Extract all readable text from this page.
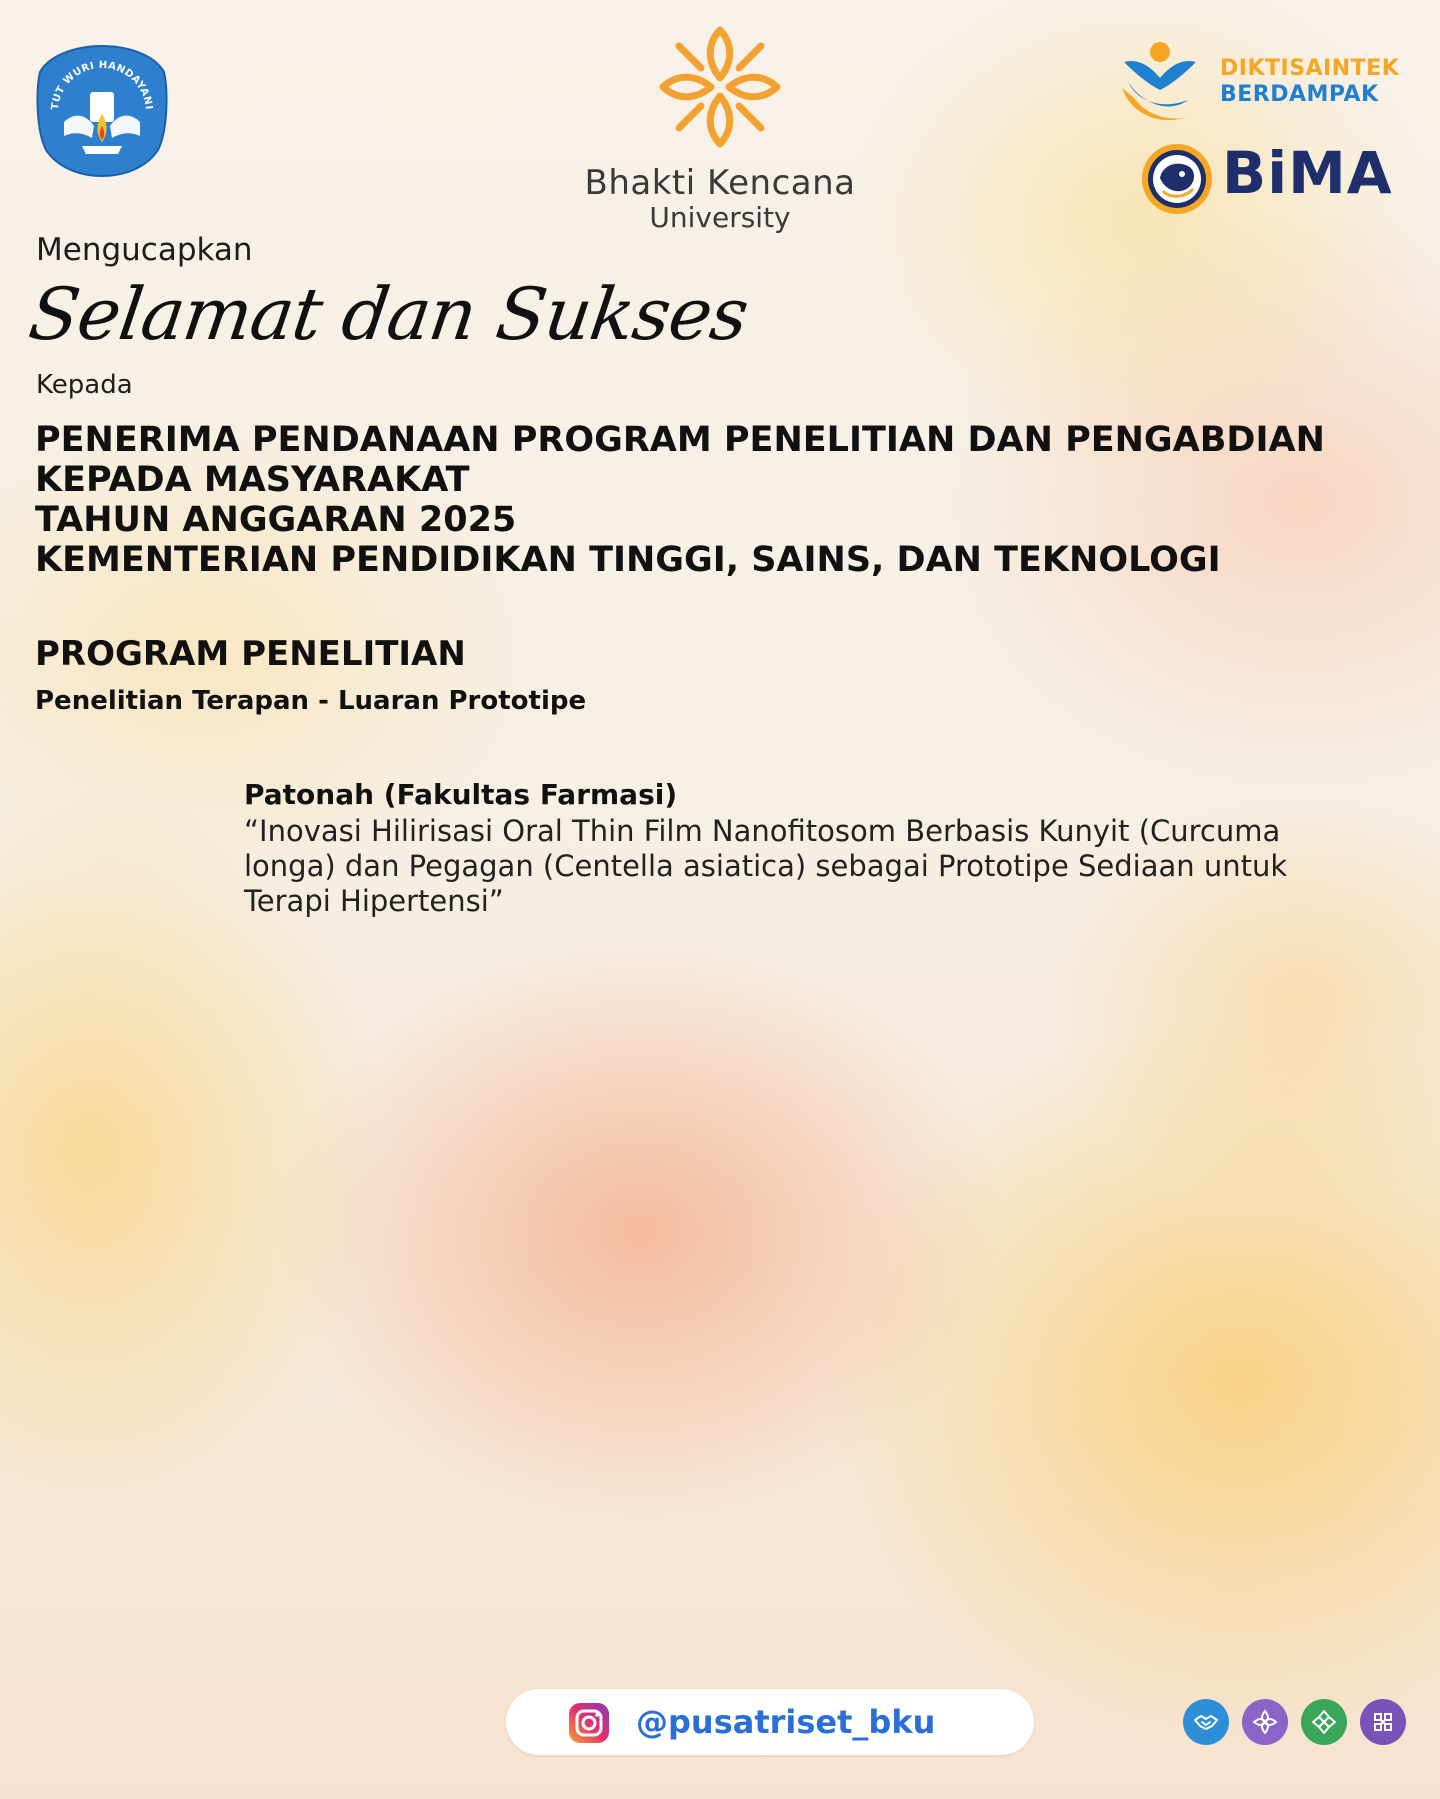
TUT WURI HANDAYANI
Bhakti Kencana
University
DIKTISAINTEK
BERDAMPAK
BiMA
Mengucapkan
Selamat dan Sukses
Kepada
PENERIMA PENDANAAN PROGRAM PENELITIAN DAN PENGABDIAN
KEPADA MASYARAKAT
TAHUN ANGGARAN 2025
KEMENTERIAN PENDIDIKAN TINGGI, SAINS, DAN TEKNOLOGI
PROGRAM PENELITIAN
Penelitian Terapan - Luaran Prototipe
Patonah (Fakultas Farmasi)
“Inovasi Hilirisasi Oral Thin Film Nanofitosom Berbasis Kunyit (Curcuma longa) dan Pegagan (Centella asiatica) sebagai Prototipe Sediaan untuk Terapi Hipertensi”
@pusatriset_bku
